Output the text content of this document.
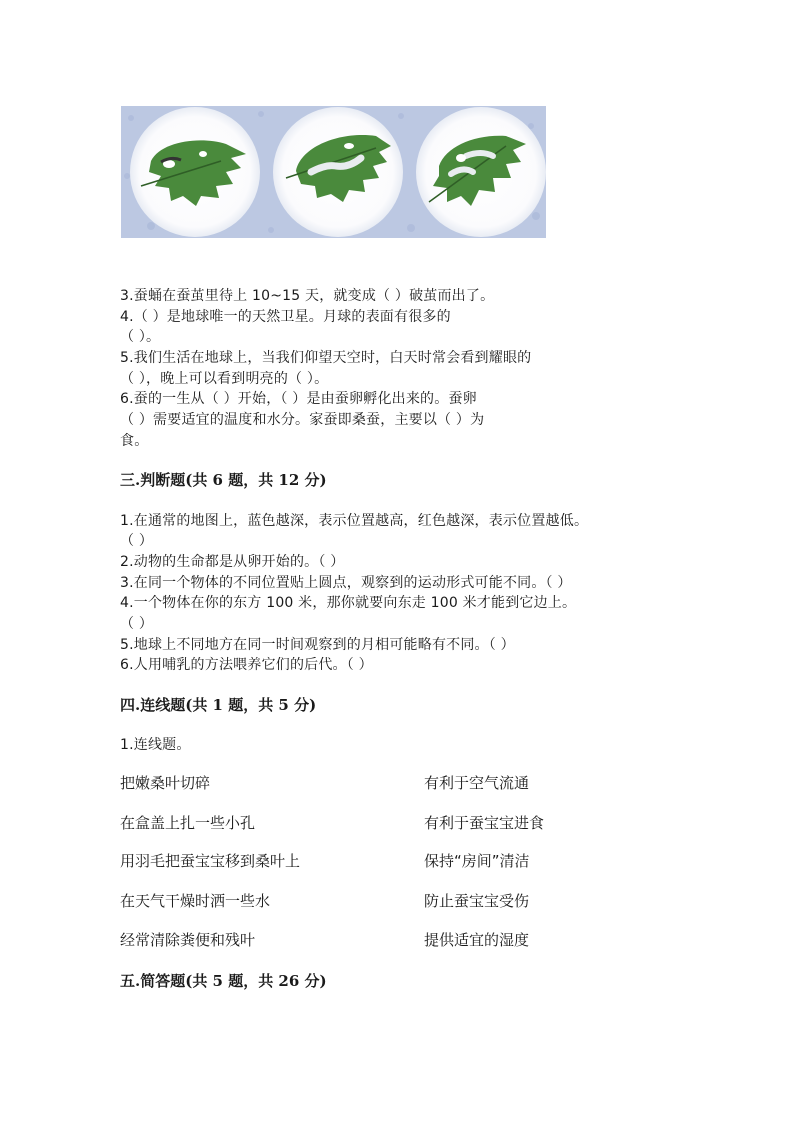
3.蚕蛹在蚕茧里待上 10~15 天，就变成（ ）破茧而出了。
4.（ ）是地球唯一的天然卫星。月球的表面有很多的
（ ）。
5.我们生活在地球上，当我们仰望天空时，白天时常会看到耀眼的
（ ），晚上可以看到明亮的（ ）。
6.蚕的一生从（ ）开始，（ ）是由蚕卵孵化出来的。蚕卵
（ ）需要适宜的温度和水分。家蚕即桑蚕，主要以（ ）为
食。
三.判断题(共 6 题，共 12 分)
1.在通常的地图上，蓝色越深，表示位置越高，红色越深，表示位置越低。
（ ）
2.动物的生命都是从卵开始的。（ ）
3.在同一个物体的不同位置贴上圆点，观察到的运动形式可能不同。（ ）
4.一个物体在你的东方 100 米，那你就要向东走 100 米才能到它边上。
（ ）
5.地球上不同地方在同一时间观察到的月相可能略有不同。（ ）
6.人用哺乳的方法喂养它们的后代。（ ）
四.连线题(共 1 题，共 5 分)
1.连线题。
把嫩桑叶切碎	有利于空气流通
在盒盖上扎一些小孔	有利于蚕宝宝进食
用羽毛把蚕宝宝移到桑叶上	保持“房间”清洁
在天气干燥时洒一些水	防止蚕宝宝受伤
经常清除粪便和残叶	提供适宜的湿度
五.简答题(共 5 题，共 26 分)
